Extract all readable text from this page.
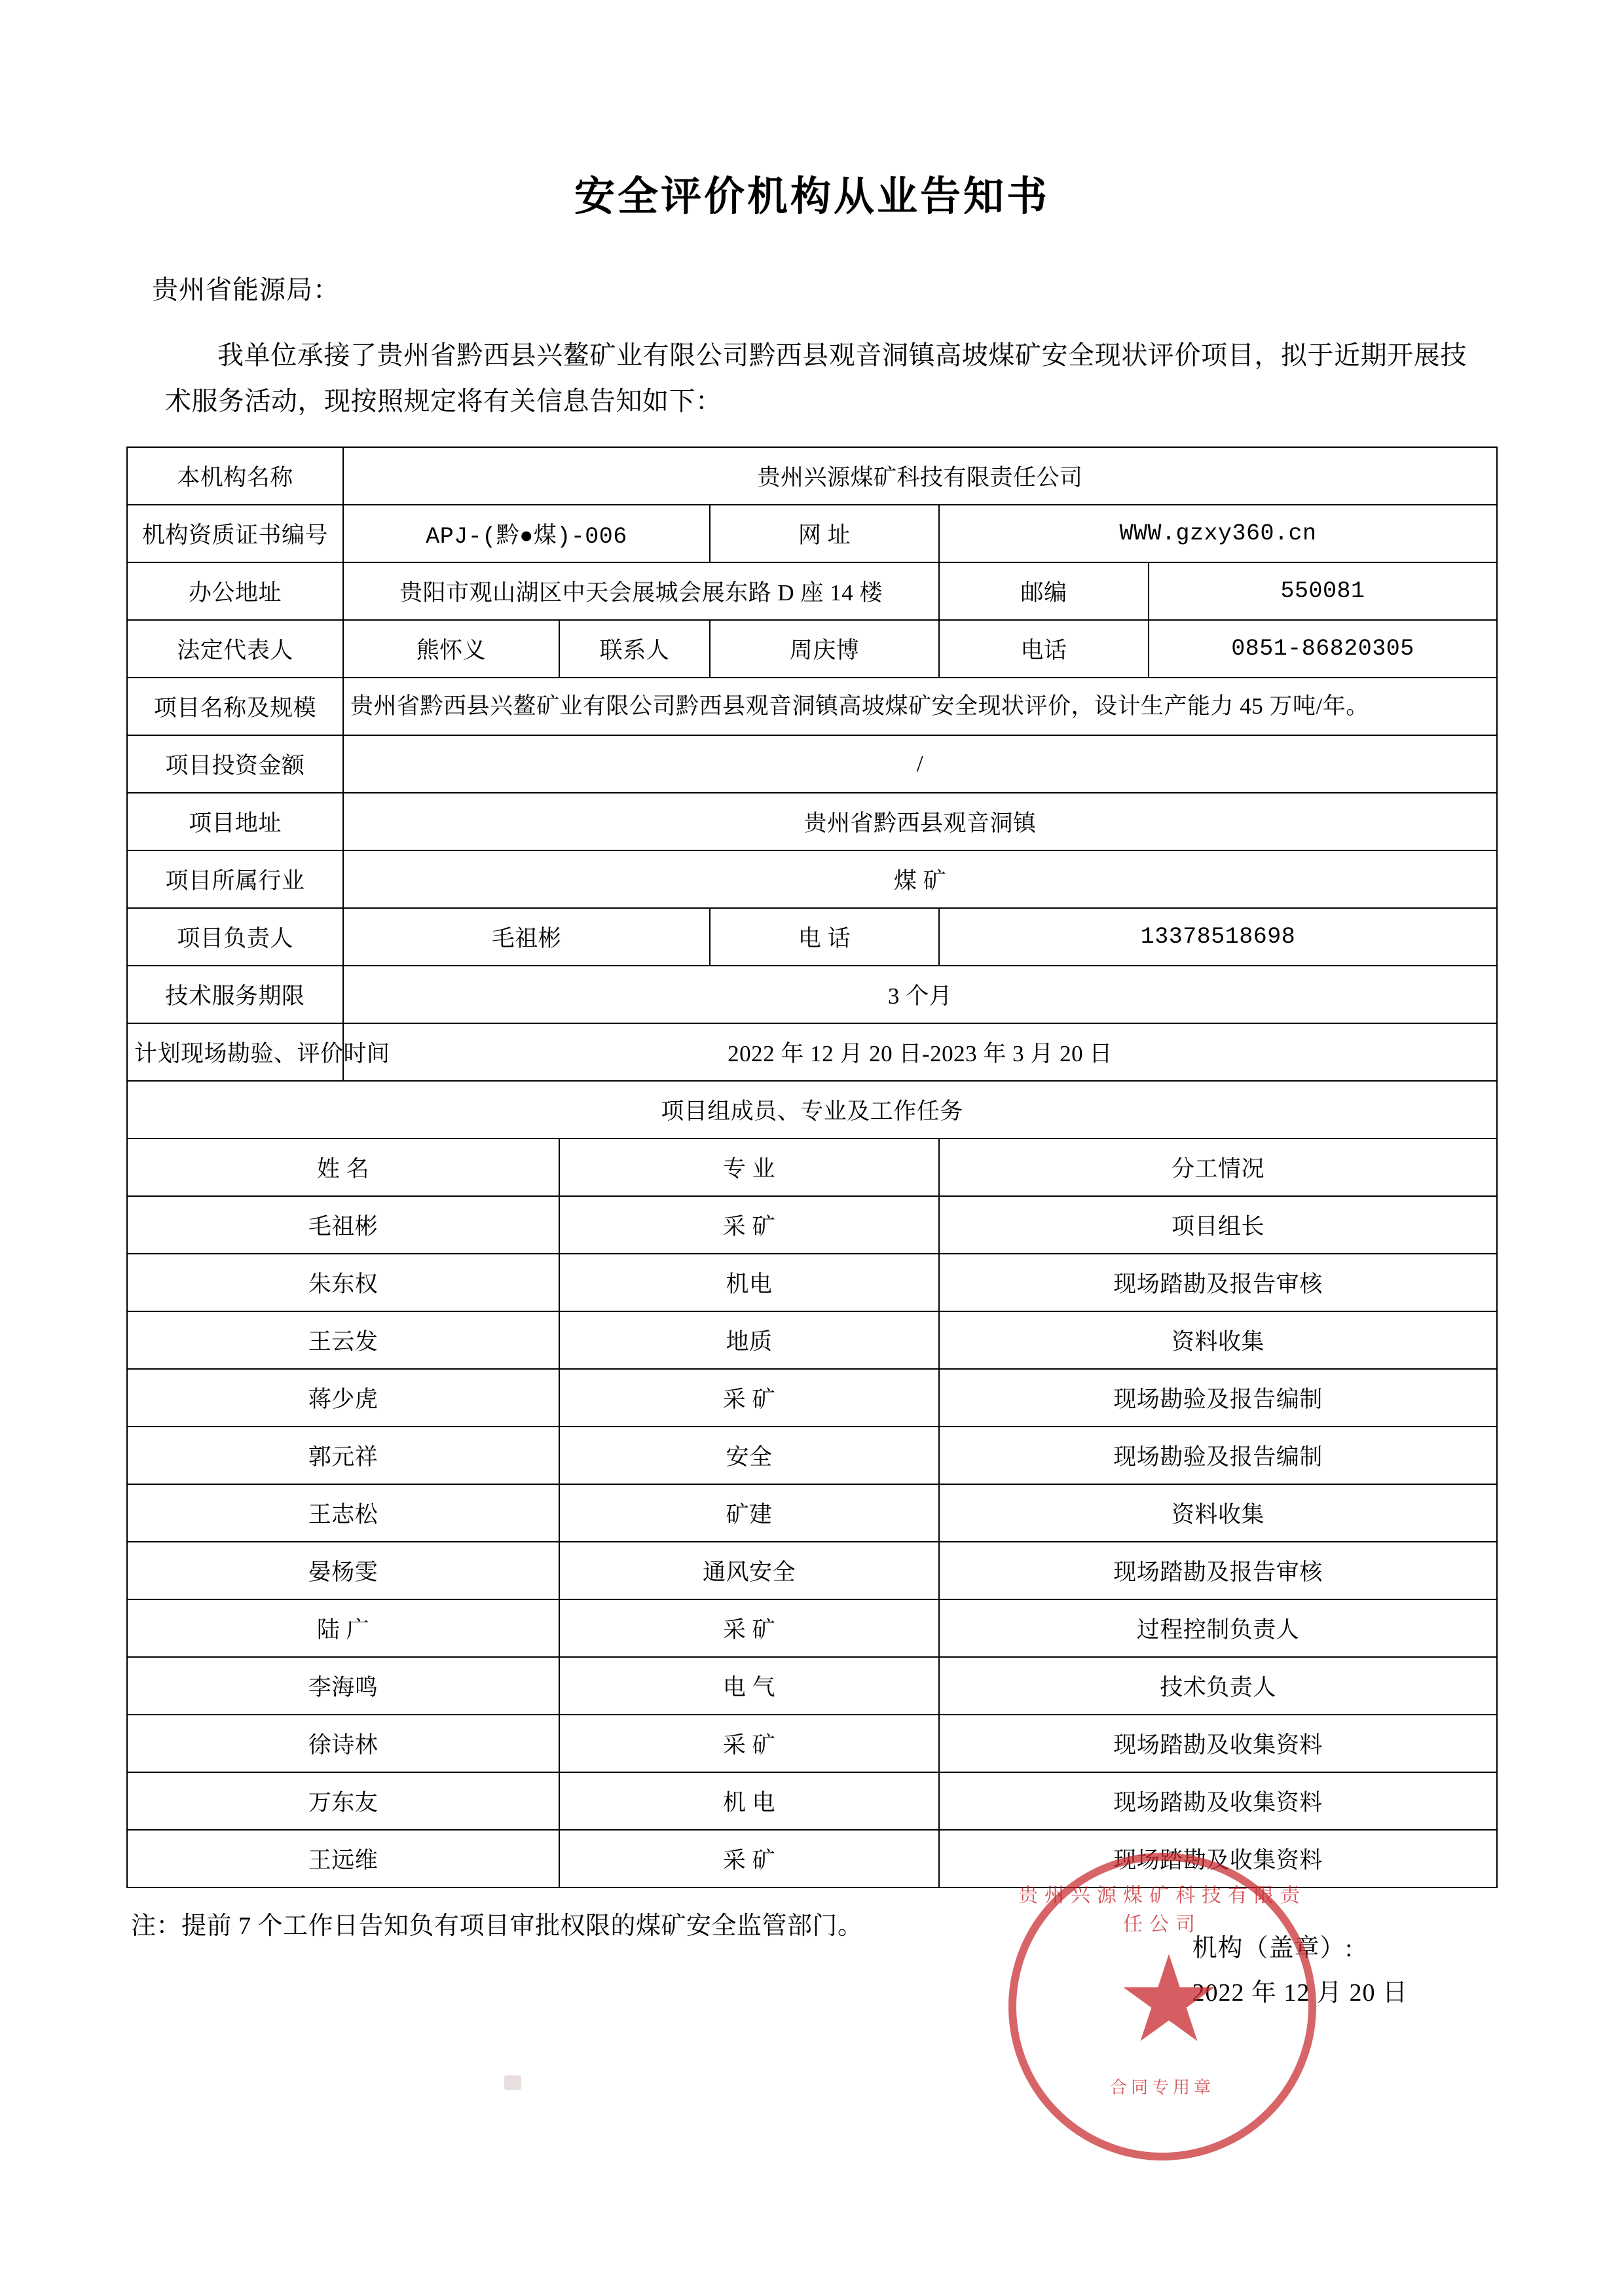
安全评价机构从业告知书
贵州省能源局：
我单位承接了贵州省黔西县兴鳌矿业有限公司黔西县观音洞镇高坡煤矿安全现状评价项目，拟于近期开展技术服务活动，现按照规定将有关信息告知如下：
本机构名称	贵州兴源煤矿科技有限责任公司				
机构资质证书编号	APJ-(黔●煤)-006		网 址	WWW.gzxy360.cn	
办公地址	贵阳市观山湖区中天会展城会展东路 D 座 14 楼			邮编	550081
法定代表人	熊怀义	联系人	周庆博	电话	0851-86820305
项目名称及规模	贵州省黔西县兴鳌矿业有限公司黔西县观音洞镇高坡煤矿安全现状评价，设计生产能力 45 万吨/年。				
项目投资金额	/				
项目地址	贵州省黔西县观音洞镇				
项目所属行业	煤 矿				
项目负责人	毛祖彬		电 话	13378518698	
技术服务期限	3 个月				
计划现场勘验、评价时间	2022 年 12 月 20 日-2023 年 3 月 20 日				
项目组成员、专业及工作任务					
姓 名		专 业		分工情况	
毛祖彬		采 矿		项目组长	
朱东权		机电		现场踏勘及报告审核	
王云发		地质		资料收集	
蒋少虎		采 矿		现场勘验及报告编制	
郭元祥		安全		现场勘验及报告编制	
王志松		矿建		资料收集	
晏杨雯		通风安全		现场踏勘及报告审核	
陆 广		采 矿		过程控制负责人	
李海鸣		电 气		技术负责人	
徐诗林		采 矿		现场踏勘及收集资料	
万东友		机 电		现场踏勘及收集资料	
王远维		采 矿		现场踏勘及收集资料	
注：提前 7 个工作日告知负有项目审批权限的煤矿安全监管部门。
机构（盖章）:
2022 年 12 月 20 日
贵州兴源煤矿科技有限责任公司
★
合同专用章
